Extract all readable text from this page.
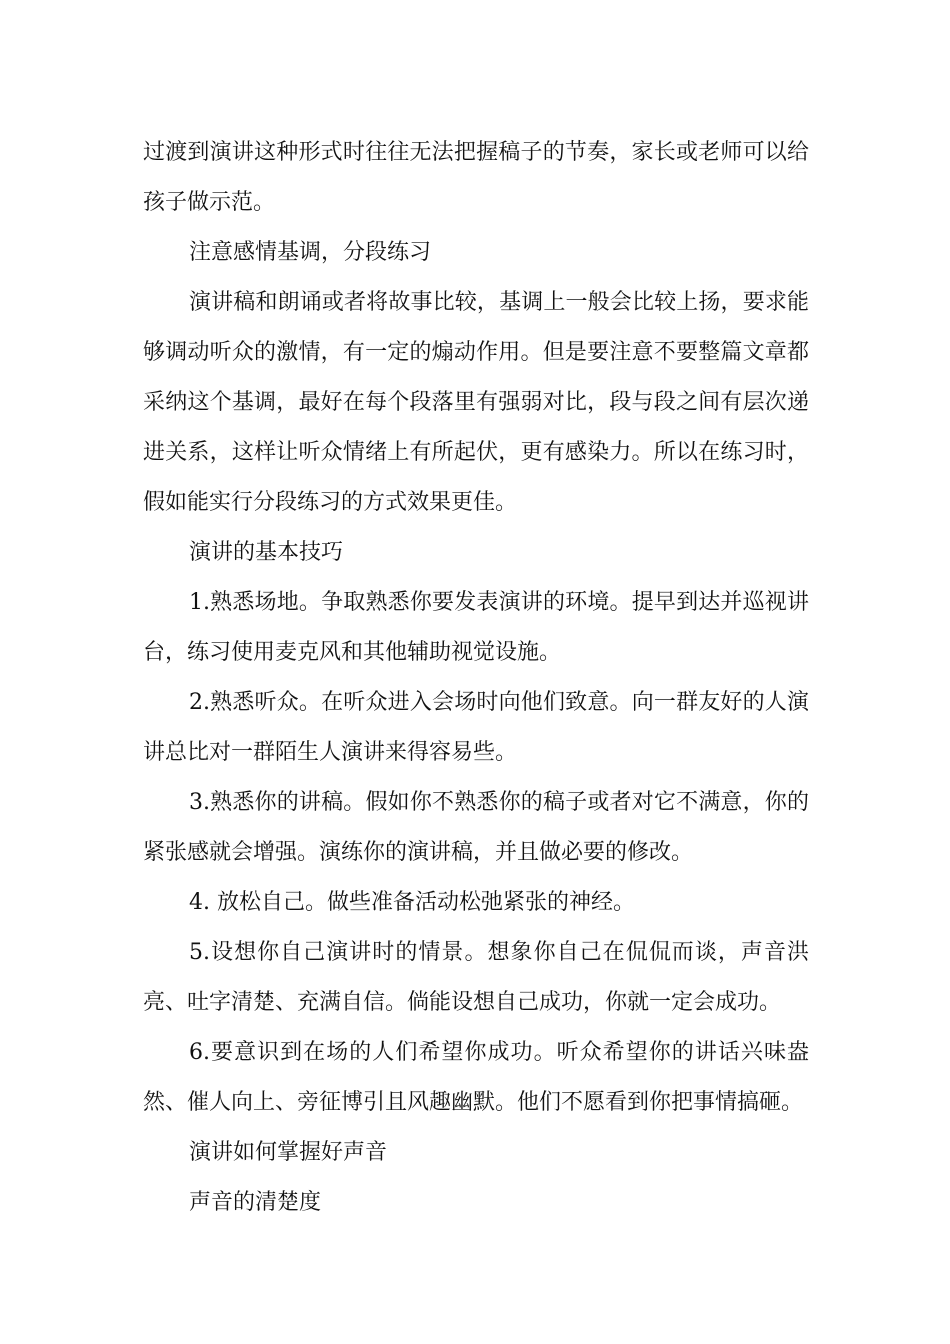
过渡到演讲这种形式时往往无法把握稿子的节奏，家长或老师可以给孩子做示范。

注意感情基调，分段练习

演讲稿和朗诵或者将故事比较，基调上一般会比较上扬，要求能够调动听众的激情，有一定的煽动作用。但是要注意不要整篇文章都采纳这个基调，最好在每个段落里有强弱对比，段与段之间有层次递进关系，这样让听众情绪上有所起伏，更有感染力。所以在练习时，假如能实行分段练习的方式效果更佳。

演讲的基本技巧

1.熟悉场地。争取熟悉你要发表演讲的环境。提早到达并巡视讲台，练习使用麦克风和其他辅助视觉设施。

2.熟悉听众。在听众进入会场时向他们致意。向一群友好的人演讲总比对一群陌生人演讲来得容易些。

3.熟悉你的讲稿。假如你不熟悉你的稿子或者对它不满意，你的紧张感就会增强。演练你的演讲稿，并且做必要的修改。

4. 放松自己。做些准备活动松弛紧张的神经。

5.设想你自己演讲时的情景。想象你自己在侃侃而谈，声音洪亮、吐字清楚、充满自信。倘能设想自己成功，你就一定会成功。

6.要意识到在场的人们希望你成功。听众希望你的讲话兴味盎然、催人向上、旁征博引且风趣幽默。他们不愿看到你把事情搞砸。

演讲如何掌握好声音

声音的清楚度
